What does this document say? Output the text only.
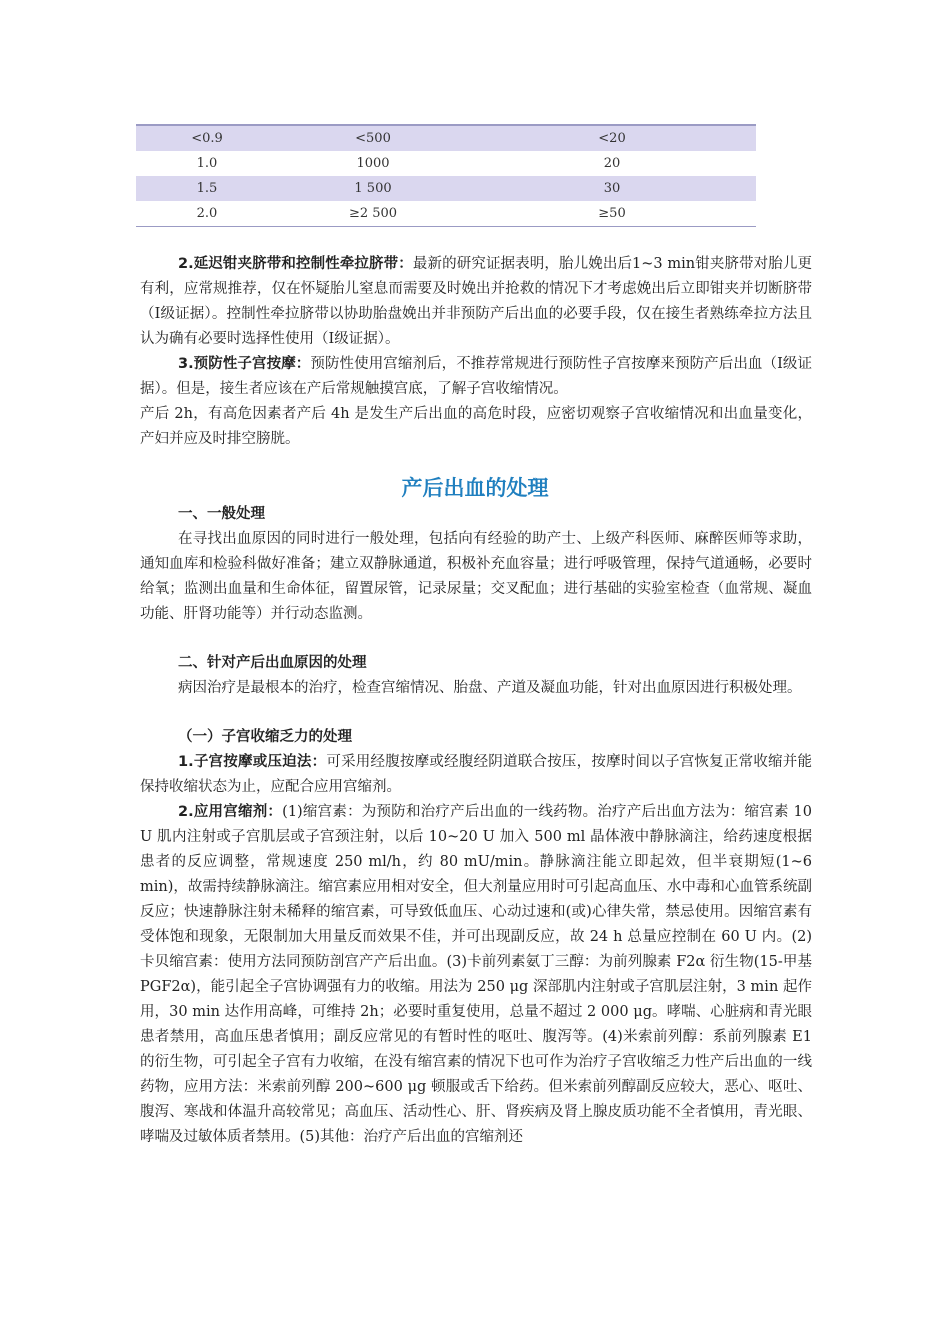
<0.9	<500	<20
1.0	1000	20
1.5	1 500	30
2.0	≥2 500	≥50

2.延迟钳夹脐带和控制性牵拉脐带：最新的研究证据表明，胎儿娩出后1~3 min钳夹脐带对胎儿更有利，应常规推荐，仅在怀疑胎儿窒息而需要及时娩出并抢救的情况下才考虑娩出后立即钳夹并切断脐带（Ⅰ级证据）。控制性牵拉脐带以协助胎盘娩出并非预防产后出血的必要手段，仅在接生者熟练牵拉方法且认为确有必要时选择性使用（Ⅰ级证据）。

3.预防性子宫按摩：预防性使用宫缩剂后，不推荐常规进行预防性子宫按摩来预防产后出血（Ⅰ级证据）。但是，接生者应该在产后常规触摸宫底，了解子宫收缩情况。

产后 2h，有高危因素者产后 4h 是发生产后出血的高危时段，应密切观察子宫收缩情况和出血量变化，产妇并应及时排空膀胱。

产后出血的处理

一、一般处理

在寻找出血原因的同时进行一般处理，包括向有经验的助产士、上级产科医师、麻醉医师等求助，通知血库和检验科做好准备；建立双静脉通道，积极补充血容量；进行呼吸管理，保持气道通畅，必要时给氧；监测出血量和生命体征，留置尿管，记录尿量；交叉配血；进行基础的实验室检查（血常规、凝血功能、肝肾功能等）并行动态监测。

二、针对产后出血原因的处理

病因治疗是最根本的治疗，检查宫缩情况、胎盘、产道及凝血功能，针对出血原因进行积极处理。

（一）子宫收缩乏力的处理

1.子宫按摩或压迫法：可采用经腹按摩或经腹经阴道联合按压，按摩时间以子宫恢复正常收缩并能保持收缩状态为止，应配合应用宫缩剂。

2.应用宫缩剂：(1)缩宫素：为预防和治疗产后出血的一线药物。治疗产后出血方法为：缩宫素 10 U 肌内注射或子宫肌层或子宫颈注射，以后 10~20 U 加入 500 ml 晶体液中静脉滴注，给药速度根据患者的反应调整，常规速度 250 ml/h，约 80 mU/min。静脉滴注能立即起效，但半衰期短(1~6 min)，故需持续静脉滴注。缩宫素应用相对安全，但大剂量应用时可引起高血压、水中毒和心血管系统副反应；快速静脉注射未稀释的缩宫素，可导致低血压、心动过速和(或)心律失常，禁忌使用。因缩宫素有受体饱和现象，无限制加大用量反而效果不佳，并可出现副反应，故 24 h 总量应控制在 60 U 内。(2)卡贝缩宫素：使用方法同预防剖宫产产后出血。(3)卡前列素氨丁三醇：为前列腺素 F2α 衍生物(15-甲基 PGF2α)，能引起全子宫协调强有力的收缩。用法为 250 μg 深部肌内注射或子宫肌层注射，3 min 起作用，30 min 达作用高峰，可维持 2h；必要时重复使用，总量不超过 2 000 μg。哮喘、心脏病和青光眼患者禁用，高血压患者慎用；副反应常见的有暂时性的呕吐、腹泻等。(4)米索前列醇：系前列腺素 E1 的衍生物，可引起全子宫有力收缩，在没有缩宫素的情况下也可作为治疗子宫收缩乏力性产后出血的一线药物，应用方法：米索前列醇 200~600 μg 顿服或舌下给药。但米索前列醇副反应较大，恶心、呕吐、腹泻、寒战和体温升高较常见；高血压、活动性心、肝、肾疾病及肾上腺皮质功能不全者慎用，青光眼、哮喘及过敏体质者禁用。(5)其他：治疗产后出血的宫缩剂还
